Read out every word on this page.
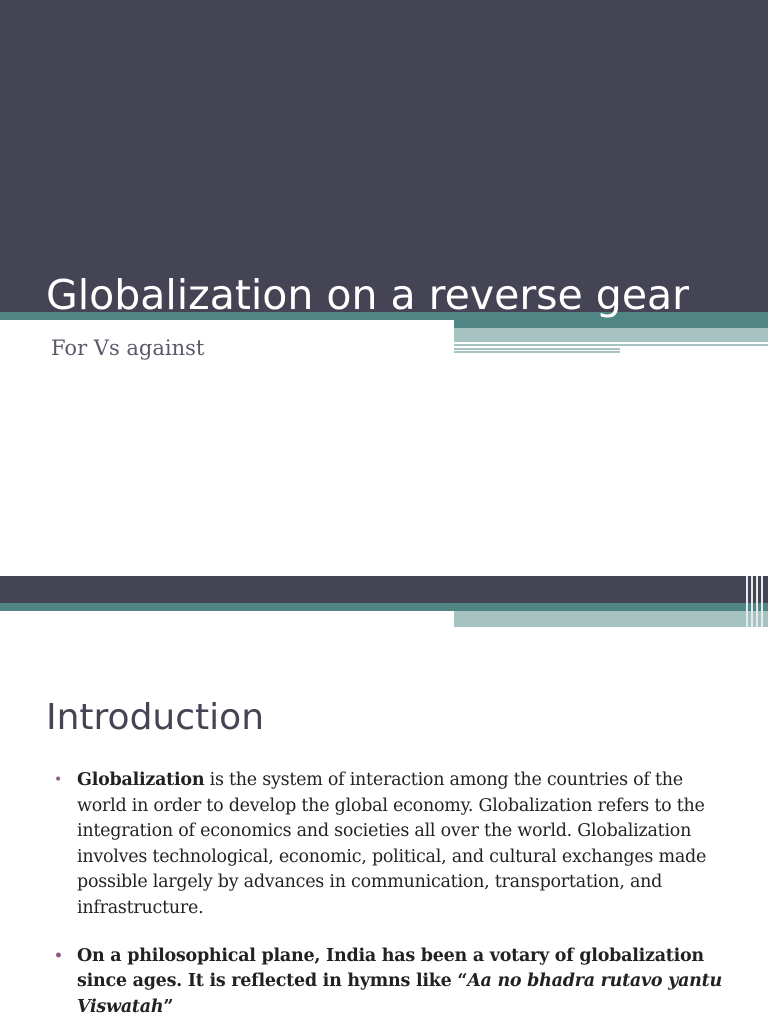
Globalization on a reverse gear

For Vs against

Introduction
• Globalization is the system of interaction among the countries of the world in order to develop the global economy. Globalization refers to the integration of economics and societies all over the world. Globalization involves technological, economic, political, and cultural exchanges made possible largely by advances in communication, transportation, and infrastructure.
• On a philosophical plane, India has been a votary of globalization since ages. It is reflected in hymns like “Aa no bhadra rutavo yantu Viswatah”
